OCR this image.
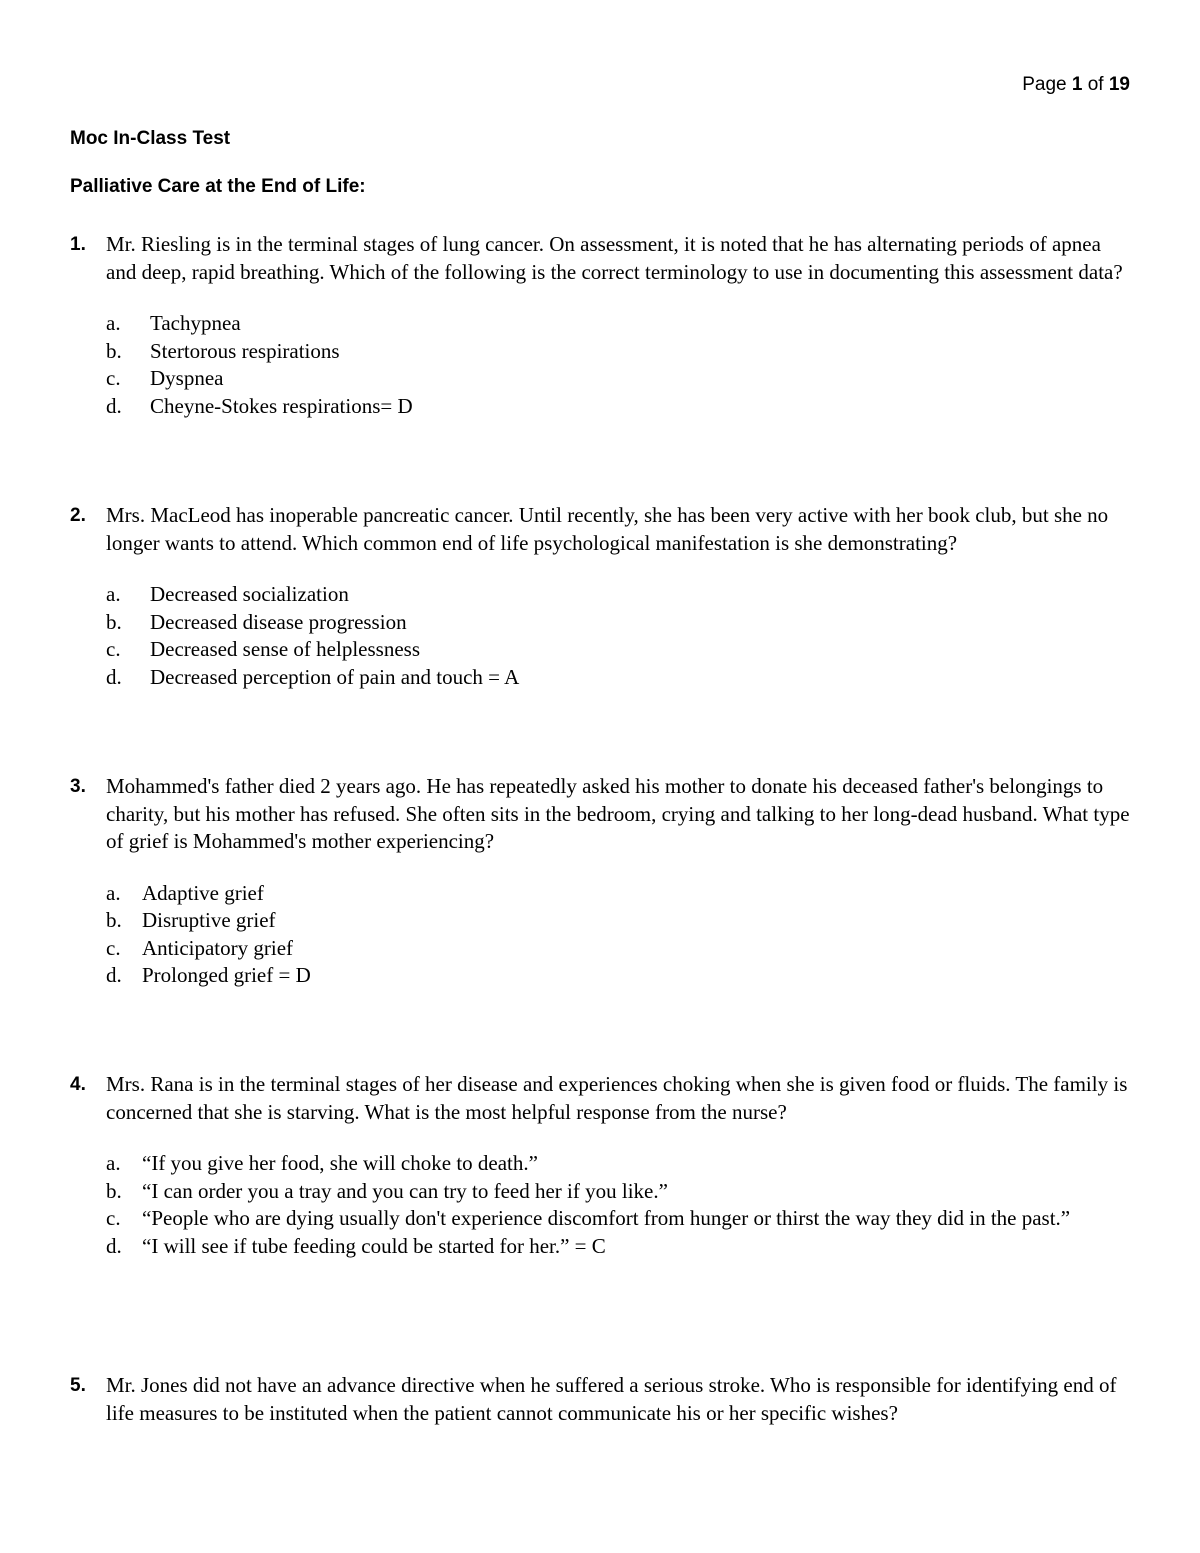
Page 1 of 19
Moc In-Class Test
Palliative Care at the End of Life:
1. Mr. Riesling is in the terminal stages of lung cancer. On assessment, it is noted that he has alternating periods of apnea and deep, rapid breathing. Which of the following is the correct terminology to use in documenting this assessment data?
a.	Tachypnea
b.	Stertorous respirations
c.	Dyspnea
d.	Cheyne-Stokes respirations= D
2. Mrs. MacLeod has inoperable pancreatic cancer. Until recently, she has been very active with her book club, but she no longer wants to attend. Which common end of life psychological manifestation is she demonstrating?
a.	Decreased socialization
b.	Decreased disease progression
c.	Decreased sense of helplessness
d.	Decreased perception of pain and touch = A
3. Mohammed's father died 2 years ago. He has repeatedly asked his mother to donate his deceased father's belongings to charity, but his mother has refused. She often sits in the bedroom, crying and talking to her long-dead husband. What type of grief is Mohammed's mother experiencing?
a.	Adaptive grief
b. Disruptive grief
c.	Anticipatory grief
d. Prolonged grief = D
4. Mrs. Rana is in the terminal stages of her disease and experiences choking when she is given food or fluids. The family is concerned that she is starving. What is the most helpful response from the nurse?
a.	“If you give her food, she will choke to death.”
b. “I can order you a tray and you can try to feed her if you like.”
c.	“People who are dying usually don't experience discomfort from hunger or thirst the way they did in the past.”
d. “I will see if tube feeding could be started for her.” = C
5. Mr. Jones did not have an advance directive when he suffered a serious stroke. Who is responsible for identifying end of life measures to be instituted when the patient cannot communicate his or her specific wishes?
